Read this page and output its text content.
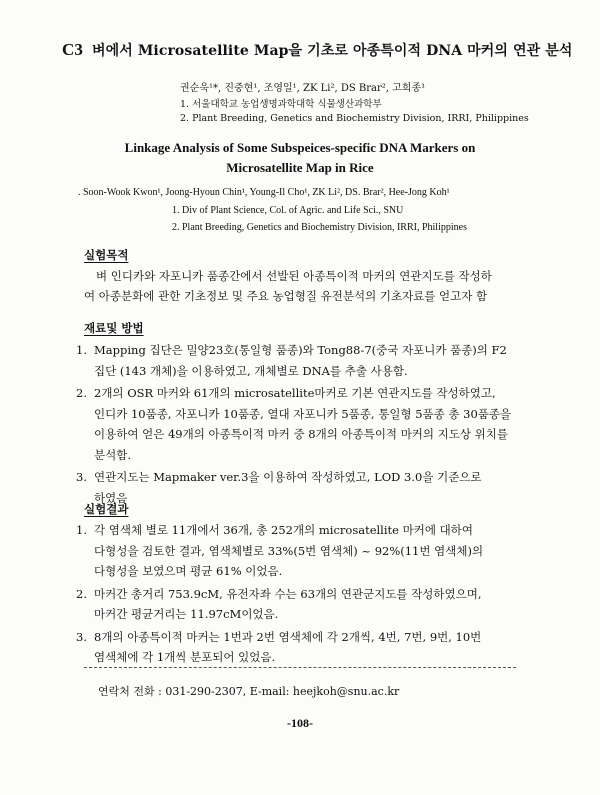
C3 벼에서 Microsatellite Map을 기초로 아종특이적 DNA 마커의 연관 분석
권순욱¹*, 진중현¹, 조영일¹, ZK Li², DS Brar², 고희종¹
1. 서울대학교 농업생명과학대학 식물생산과학부
2. Plant Breeding, Genetics and Biochemistry Division, IRRI, Philippines
Linkage Analysis of Some Subspeices-specific DNA Markers on
Microsatellite Map in Rice
. Soon-Wook Kwon¹, Joong-Hyoun Chin¹, Young-Il Cho¹, ZK Li², DS. Brar², Hee-Jong Koh¹
1. Div of Plant Science, Col. of Agric. and Life Sci., SNU
2. Plant Breeding, Genetics and Biochemistry Division, IRRI, Philippines
실험목적
벼 인디카와 자포니카 품종간에서 선발된 아종특이적 마커의 연관지도를 작성하
여 아종분화에 관한 기초정보 및 주요 농업형질 유전분석의 기초자료를 얻고자 함
재료및 방법
1. Mapping 집단은 밀양23호(통일형 품종)와 Tong88-7(중국 자포니카 품종)의 F2 집단 (143 개체)을 이용하였고, 개체별로 DNA를 추출 사용함.
2. 2개의 OSR 마커와 61개의 microsatellite마커로 기본 연관지도를 작성하였고, 인디카 10품종, 자포니카 10품종, 열대 자포니카 5품종, 통일형 5품종 총 30품종을 이용하여 얻은 49개의 아종특이적 마커 중 8개의 아종특이적 마커의 지도상 위치를 분석함.
3. 연관지도는 Mapmaker ver.3을 이용하여 작성하였고, LOD 3.0을 기준으로 하였음
실험결과
1. 각 염색체 별로 11개에서 36개, 총 252개의 microsatellite 마커에 대하여 다형성을 검토한 결과, 염색체별로 33%(5번 염색체) ~ 92%(11번 염색체)의 다형성을 보였으며 평균 61% 이었음.
2. 마커간 총거리 753.9cM, 유전자좌 수는 63개의 연관군지도를 작성하였으며, 마커간 평균거리는 11.97cM이었음.
3. 8개의 아종특이적 마커는 1번과 2번 염색체에 각 2개씩, 4번, 7번, 9번, 10번 염색체에 각 1개씩 분포되어 있었음.
연락처 전화 : 031-290-2307, E-mail: heejkoh@snu.ac.kr
-108-
